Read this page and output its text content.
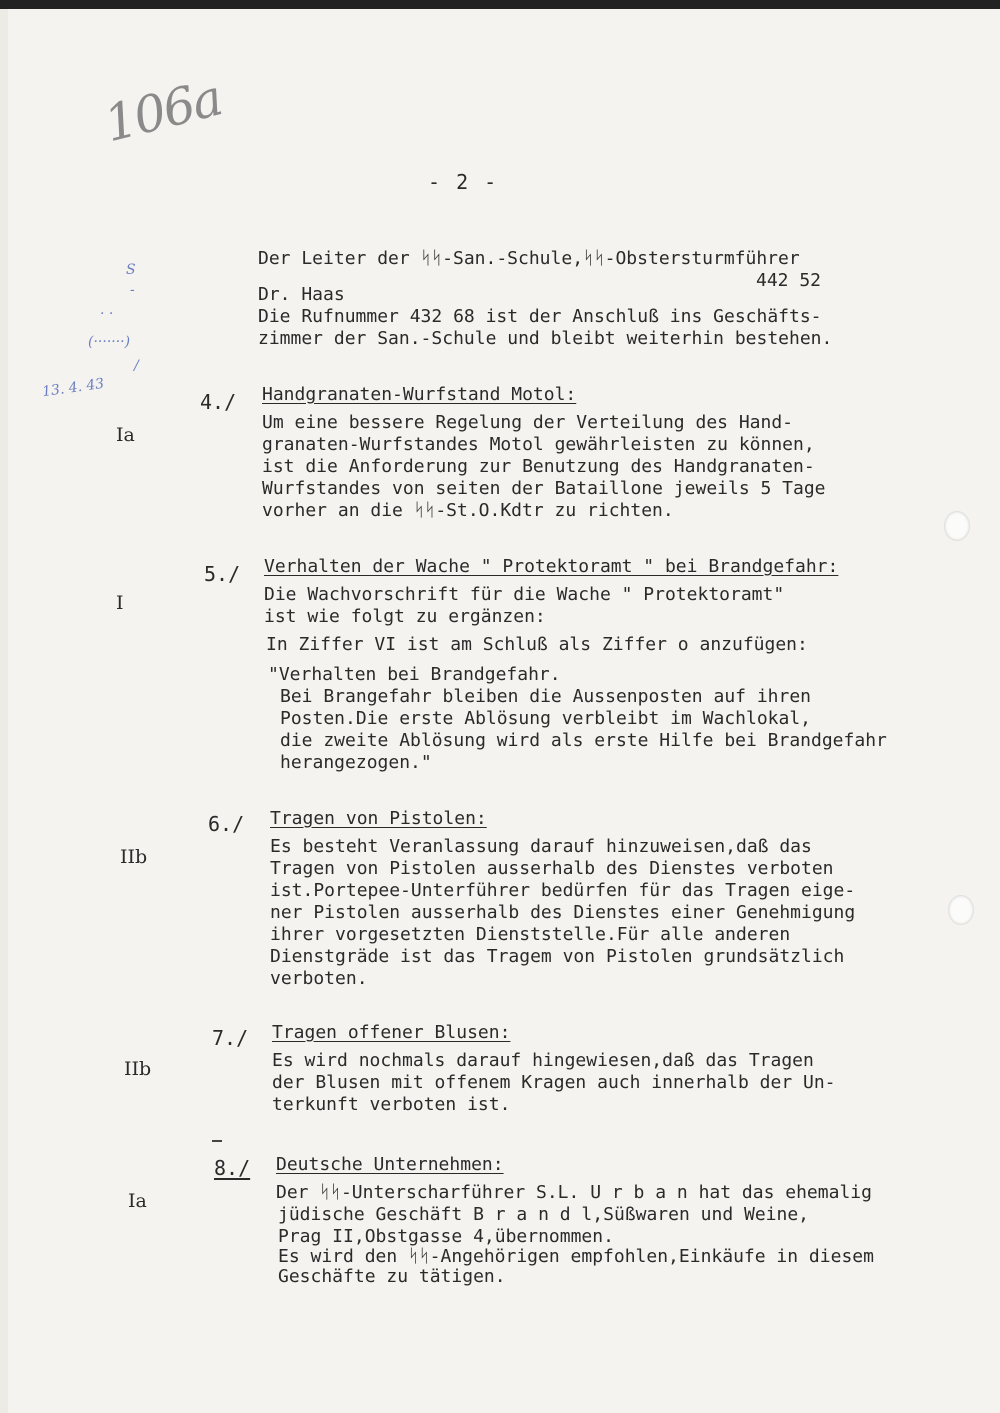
106a
S
-
· ·
(·······)
/
13. 4. 43
- 2 -
Der Leiter der ᛋᛋ-San.-Schule,ᛋᛋ-Obstersturmführer
442 52
Dr. Haas
Die Rufnummer 432 68 ist der Anschluß ins Geschäfts-
zimmer der San.-Schule und bleibt weiterhin bestehen.
4./
Ia
Handgranaten-Wurfstand Motol:
Um eine bessere Regelung der Verteilung des Hand-
granaten-Wurfstandes Motol gewährleisten zu können,
ist die Anforderung zur Benutzung des Handgranaten-
Wurfstandes von seiten der Bataillone jeweils 5 Tage
vorher an die ᛋᛋ-St.O.Kdtr zu richten.
5./
I
Verhalten der Wache " Protektoramt " bei Brandgefahr:
Die Wachvorschrift für die Wache " Protektoramt"
ist wie folgt zu ergänzen:
In Ziffer VI ist am Schluß als Ziffer o anzufügen:
"Verhalten bei Brandgefahr.
Bei Brangefahr bleiben die Aussenposten auf ihren
Posten.Die erste Ablösung verbleibt im Wachlokal,
die zweite Ablösung wird als erste Hilfe bei Brandgefahr
herangezogen."
6./
IIb
Tragen von Pistolen:
Es besteht Veranlassung darauf hinzuweisen,daß das
Tragen von Pistolen ausserhalb des Dienstes verboten
ist.Portepee-Unterführer bedürfen für das Tragen eige-
ner Pistolen ausserhalb des Dienstes einer Genehmigung
ihrer vorgesetzten Dienststelle.Für alle anderen
Dienstgräde ist das Tragem von Pistolen grundsätzlich
verboten.
7./
IIb
Tragen offener Blusen:
Es wird nochmals darauf hingewiesen,daß das Tragen
der Blusen mit offenem Kragen auch innerhalb der Un-
terkunft verboten ist.
8./
Ia
Deutsche Unternehmen:
Der ᛋᛋ-Unterscharführer S.L. U r b a n hat das ehemalig
jüdische Geschäft B r a n d l,Süßwaren und Weine,
Prag II,Obstgasse 4,übernommen.
Es wird den ᛋᛋ-Angehörigen empfohlen,Einkäufe in diesem
Geschäfte zu tätigen.
